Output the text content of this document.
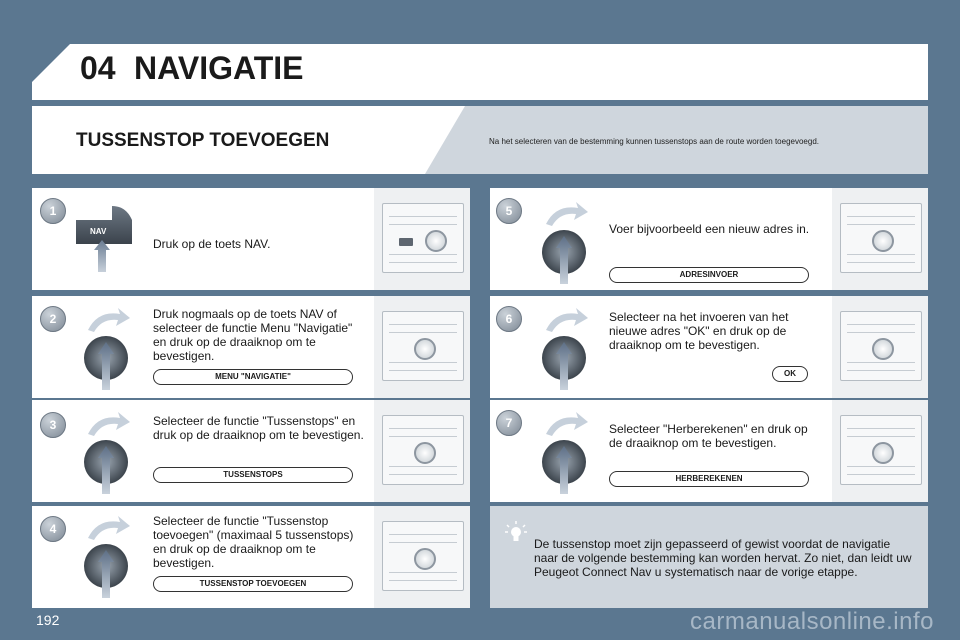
04 NAVIGATIE
TUSSENSTOP TOEVOEGEN	Na het selecteren van de bestemming kunnen tussenstops aan de route worden toegevoegd.
1
NAV
Druk op de toets NAV.
2	Druk nogmaals op de toets NAV of selecteer de functie Menu "Navigatie" en druk op de draaiknop om te bevestigen.
MENU "NAVIGATIE"
3	Selecteer de functie "Tussenstops" en druk op de draaiknop om te bevestigen.
TUSSENSTOPS
4
Selecteer de functie "Tussenstop toevoegen" (maximaal 5 tussenstops) en druk op de draaiknop om te bevestigen.
TUSSENSTOP TOEVOEGEN
5
Voer bijvoorbeeld een nieuw adres in.
ADRESINVOER
6	Selecteer na het invoeren van het nieuwe adres "OK" en druk op de draaiknop om te bevestigen.
OK
7	Selecteer "Herberekenen" en druk op de draaiknop om te bevestigen.
HERBEREKENEN
De tussenstop moet zijn gepasseerd of gewist voordat de navigatie naar de volgende bestemming kan worden hervat. Zo niet, dan leidt uw Peugeot Connect Nav u systematisch naar de vorige etappe.
192	carmanualsonline.info
